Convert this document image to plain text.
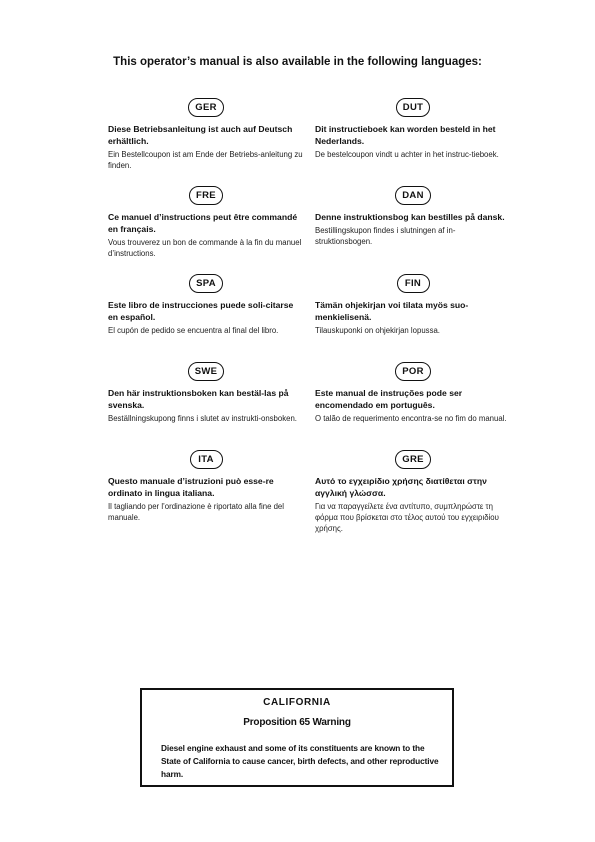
This operator’s manual is also available in the following languages:
GER
Diese Betriebsanleitung ist auch auf Deutsch erhältlich.
Ein Bestellcoupon ist am Ende der Betriebs-anleitung zu finden.
FRE
Ce manuel d’instructions peut être commandé en français.
Vous trouverez un bon de commande à la fin du manuel d’instructions.
SPA
Este libro de instrucciones puede soli-citarse en español.
El cupón de pedido se encuentra al final del libro.
SWE
Den här instruktionsboken kan bestäl-las på svenska.
Beställningskupong finns i slutet av instrukti-onsboken.
ITA
Questo manuale d’istruzioni può esse-re ordinato in lingua italiana.
Il tagliando per l’ordinazione è riportato alla fine del manuale.
DUT
Dit instructieboek kan worden besteld in het Nederlands.
De bestelcoupon vindt u achter in het instruc-tieboek.
DAN
Denne instruktionsbog kan bestilles på dansk.
Bestillingskupon findes i slutningen af in-struktionsbogen.
FIN
Tämän ohjekirjan voi tilata myös suo-menkielisenä.
Tilauskuponki on ohjekirjan lopussa.
POR
Este manual de instruções pode ser encomendado em português.
O talão de requerimento encontra-se no fim do manual.
GRE
Αυτό το εγχειρίδιο χρήσης διατίθεται στην αγγλική γλώσσα.
Για να παραγγείλετε ένα αντίτυπο, συμπληρώστε τη φόρμα που βρίσκεται στο τέλος αυτού του εγχειριδίου χρήσης.
CALIFORNIA
Proposition 65 Warning
Diesel engine exhaust and some of its constituents are known to the State of California to cause cancer, birth defects, and other reproductive harm.
